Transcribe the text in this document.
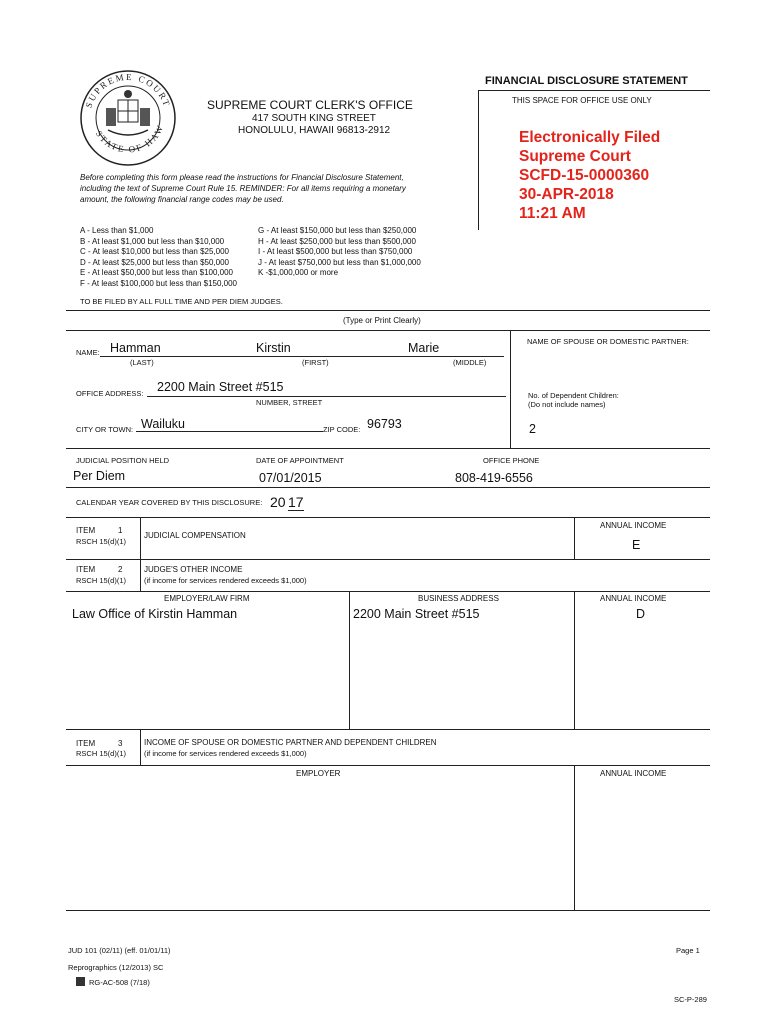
FINANCIAL DISCLOSURE STATEMENT
THIS SPACE FOR OFFICE USE ONLY
SUPREME COURT
STATE OF HAW
SUPREME COURT CLERK'S OFFICE
417 SOUTH KING STREET
HONOLULU, HAWAII 96813-2912	Electronically Filed
Supreme Court
SCFD-15-0000360
30-APR-2018
11:21 AM
Before completing this form please read the instructions for Financial Disclosure Statement,
including the text of Supreme Court Rule 15. REMINDER: For all items requiring a monetary
amount, the following financial range codes may be used.
A - Less than $1,000
B - At least $1,000 but less than $10,000
C - At least $10,000 but less than $25,000
D - At least $25,000 but less than $50,000
E - At least $50,000 but less than $100,000
F - At least $100,000 but less than $150,000
G - At least $150,000 but less than $250,000
H - At least $250,000 but less than $500,000
I - At least $500,000 but less than $750,000
J - At least $750,000 but less than $1,000,000
K -$1,000,000 or more
TO BE FILED BY ALL FULL TIME AND PER DIEM JUDGES.
(Type or Print Clearly)
NAME: Hamman	Kirstin	Marie
(LAST)	(FIRST)	(MIDDLE)
NAME OF SPOUSE OR DOMESTIC PARTNER:
OFFICE ADDRESS: 2200 Main Street #515
NUMBER, STREET
No. of Dependent Children:
(Do not include names)
2
CITY OR TOWN: Wailuku	ZIP CODE: 96793
JUDICIAL POSITION HELD	DATE OF APPOINTMENT	OFFICE PHONE
Per Diem	07/01/2015	808-419-6556
CALENDAR YEAR COVERED BY THIS DISCLOSURE: 20 17
ITEM	1
RSCH 15(d)(1)
JUDICIAL COMPENSATION
ANNUAL INCOME
E
ITEM	2
RSCH 15(d)(1)
JUDGE'S OTHER INCOME
(if income for services rendered exceeds $1,000)
EMPLOYER/LAW FIRM	BUSINESS ADDRESS	ANNUAL INCOME
Law Office of Kirstin Hamman	2200 Main Street #515	D
ITEM	3
RSCH 15(d)(1)
INCOME OF SPOUSE OR DOMESTIC PARTNER AND DEPENDENT CHILDREN
(if income for services rendered exceeds $1,000)
EMPLOYER	ANNUAL INCOME
JUD 101 (02/11) (eff. 01/01/11)	Page 1
Reprographics (12/2013) SC
RG-AC-508 (7/18)
SC-P-289
